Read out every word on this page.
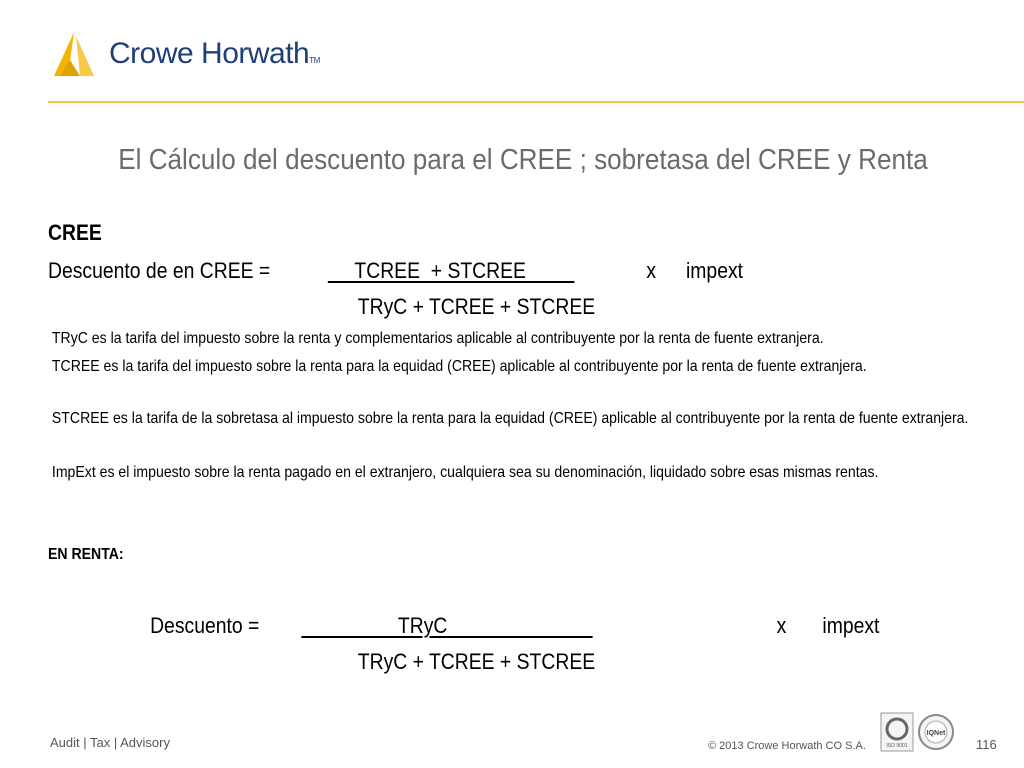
Crowe HorwathTM
El Cálculo del descuento para el CREE ; sobretasa del CREE y Renta
CREE
Descuento de en CREE =	TCREE  + STCREE	x impext
TRyC + TCREE + STCREE
TRyC es la tarifa del impuesto sobre la renta y complementarios aplicable al contribuyente por la renta de fuente extranjera.
TCREE es la tarifa del impuesto sobre la renta para la equidad (CREE) aplicable al contribuyente por la renta de fuente extranjera.
STCREE es la tarifa de la sobretasa al impuesto sobre la renta para la equidad (CREE) aplicable al contribuyente por la renta de fuente extranjera.
ImpExt es el impuesto sobre la renta pagado en el extranjero, cualquiera sea su denominación, liquidado sobre esas mismas rentas.
EN RENTA:
Descuento = TRyC	x impext
TRyC + TCREE + STCREE
Audit | Tax | Advisory	© 2013 Crowe Horwath CO S.A.	ISO 9001
IQNet
116
